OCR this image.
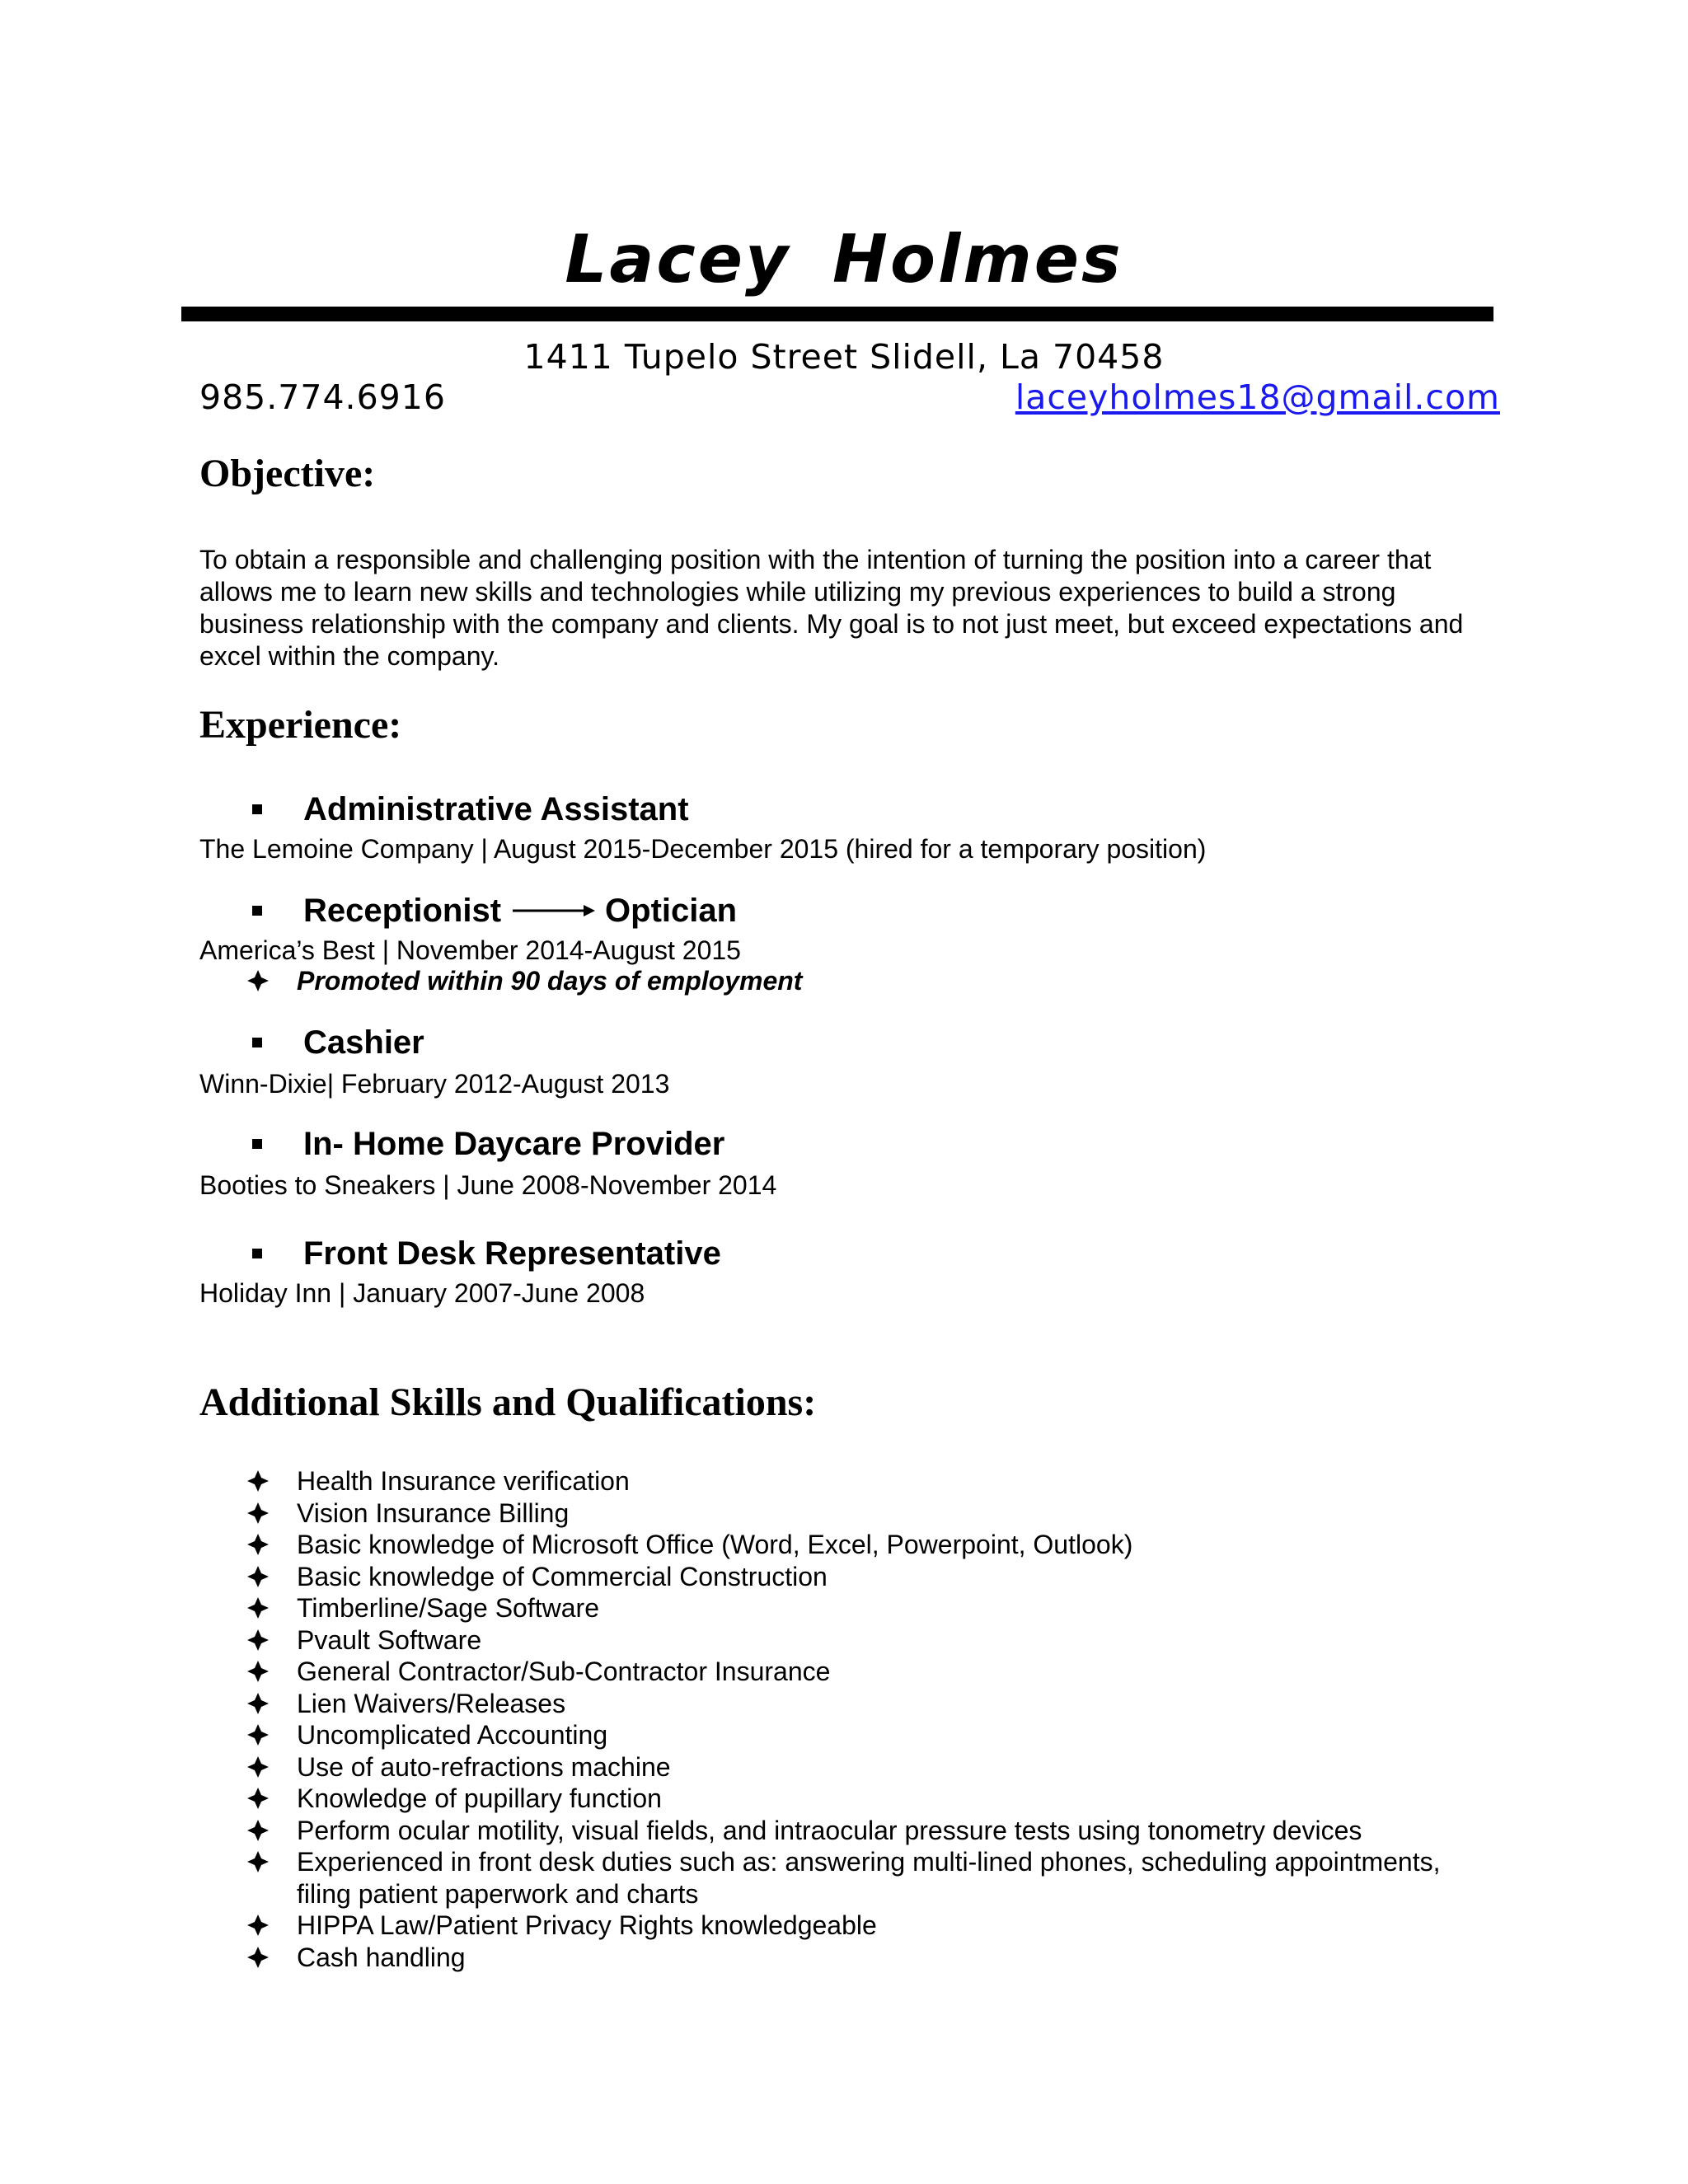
Lacey Holmes
1411 Tupelo Street Slidell, La 70458
985.774.6916	laceyholmes18@gmail.com
Objective:
To obtain a responsible and challenging position with the intention of turning the position into a career that allows me to learn new skills and technologies while utilizing my previous experiences to build a strong business relationship with the company and clients. My goal is to not just meet, but exceed expectations and excel within the company.
Experience:
Administrative Assistant
The Lemoine Company | August 2015-December 2015 (hired for a temporary position)
Receptionist	Optician
America’s Best | November 2014-August 2015
Promoted within 90 days of employment
Cashier
Winn-Dixie| February 2012-August 2013
In- Home Daycare Provider
Booties to Sneakers | June 2008-November 2014
Front Desk Representative
Holiday Inn | January 2007-June 2008
Additional Skills and Qualifications:
Health Insurance verification
Vision Insurance Billing
Basic knowledge of Microsoft Office (Word, Excel, Powerpoint, Outlook)
Basic knowledge of Commercial Construction
Timberline/Sage Software
Pvault Software
General Contractor/Sub-Contractor Insurance
Lien Waivers/Releases
Uncomplicated Accounting
Use of auto-refractions machine
Knowledge of pupillary function
Perform ocular motility, visual fields, and intraocular pressure tests using tonometry devices
Experienced in front desk duties such as: answering multi-lined phones, scheduling appointments, filing patient paperwork and charts
HIPPA Law/Patient Privacy Rights knowledgeable
Cash handling
